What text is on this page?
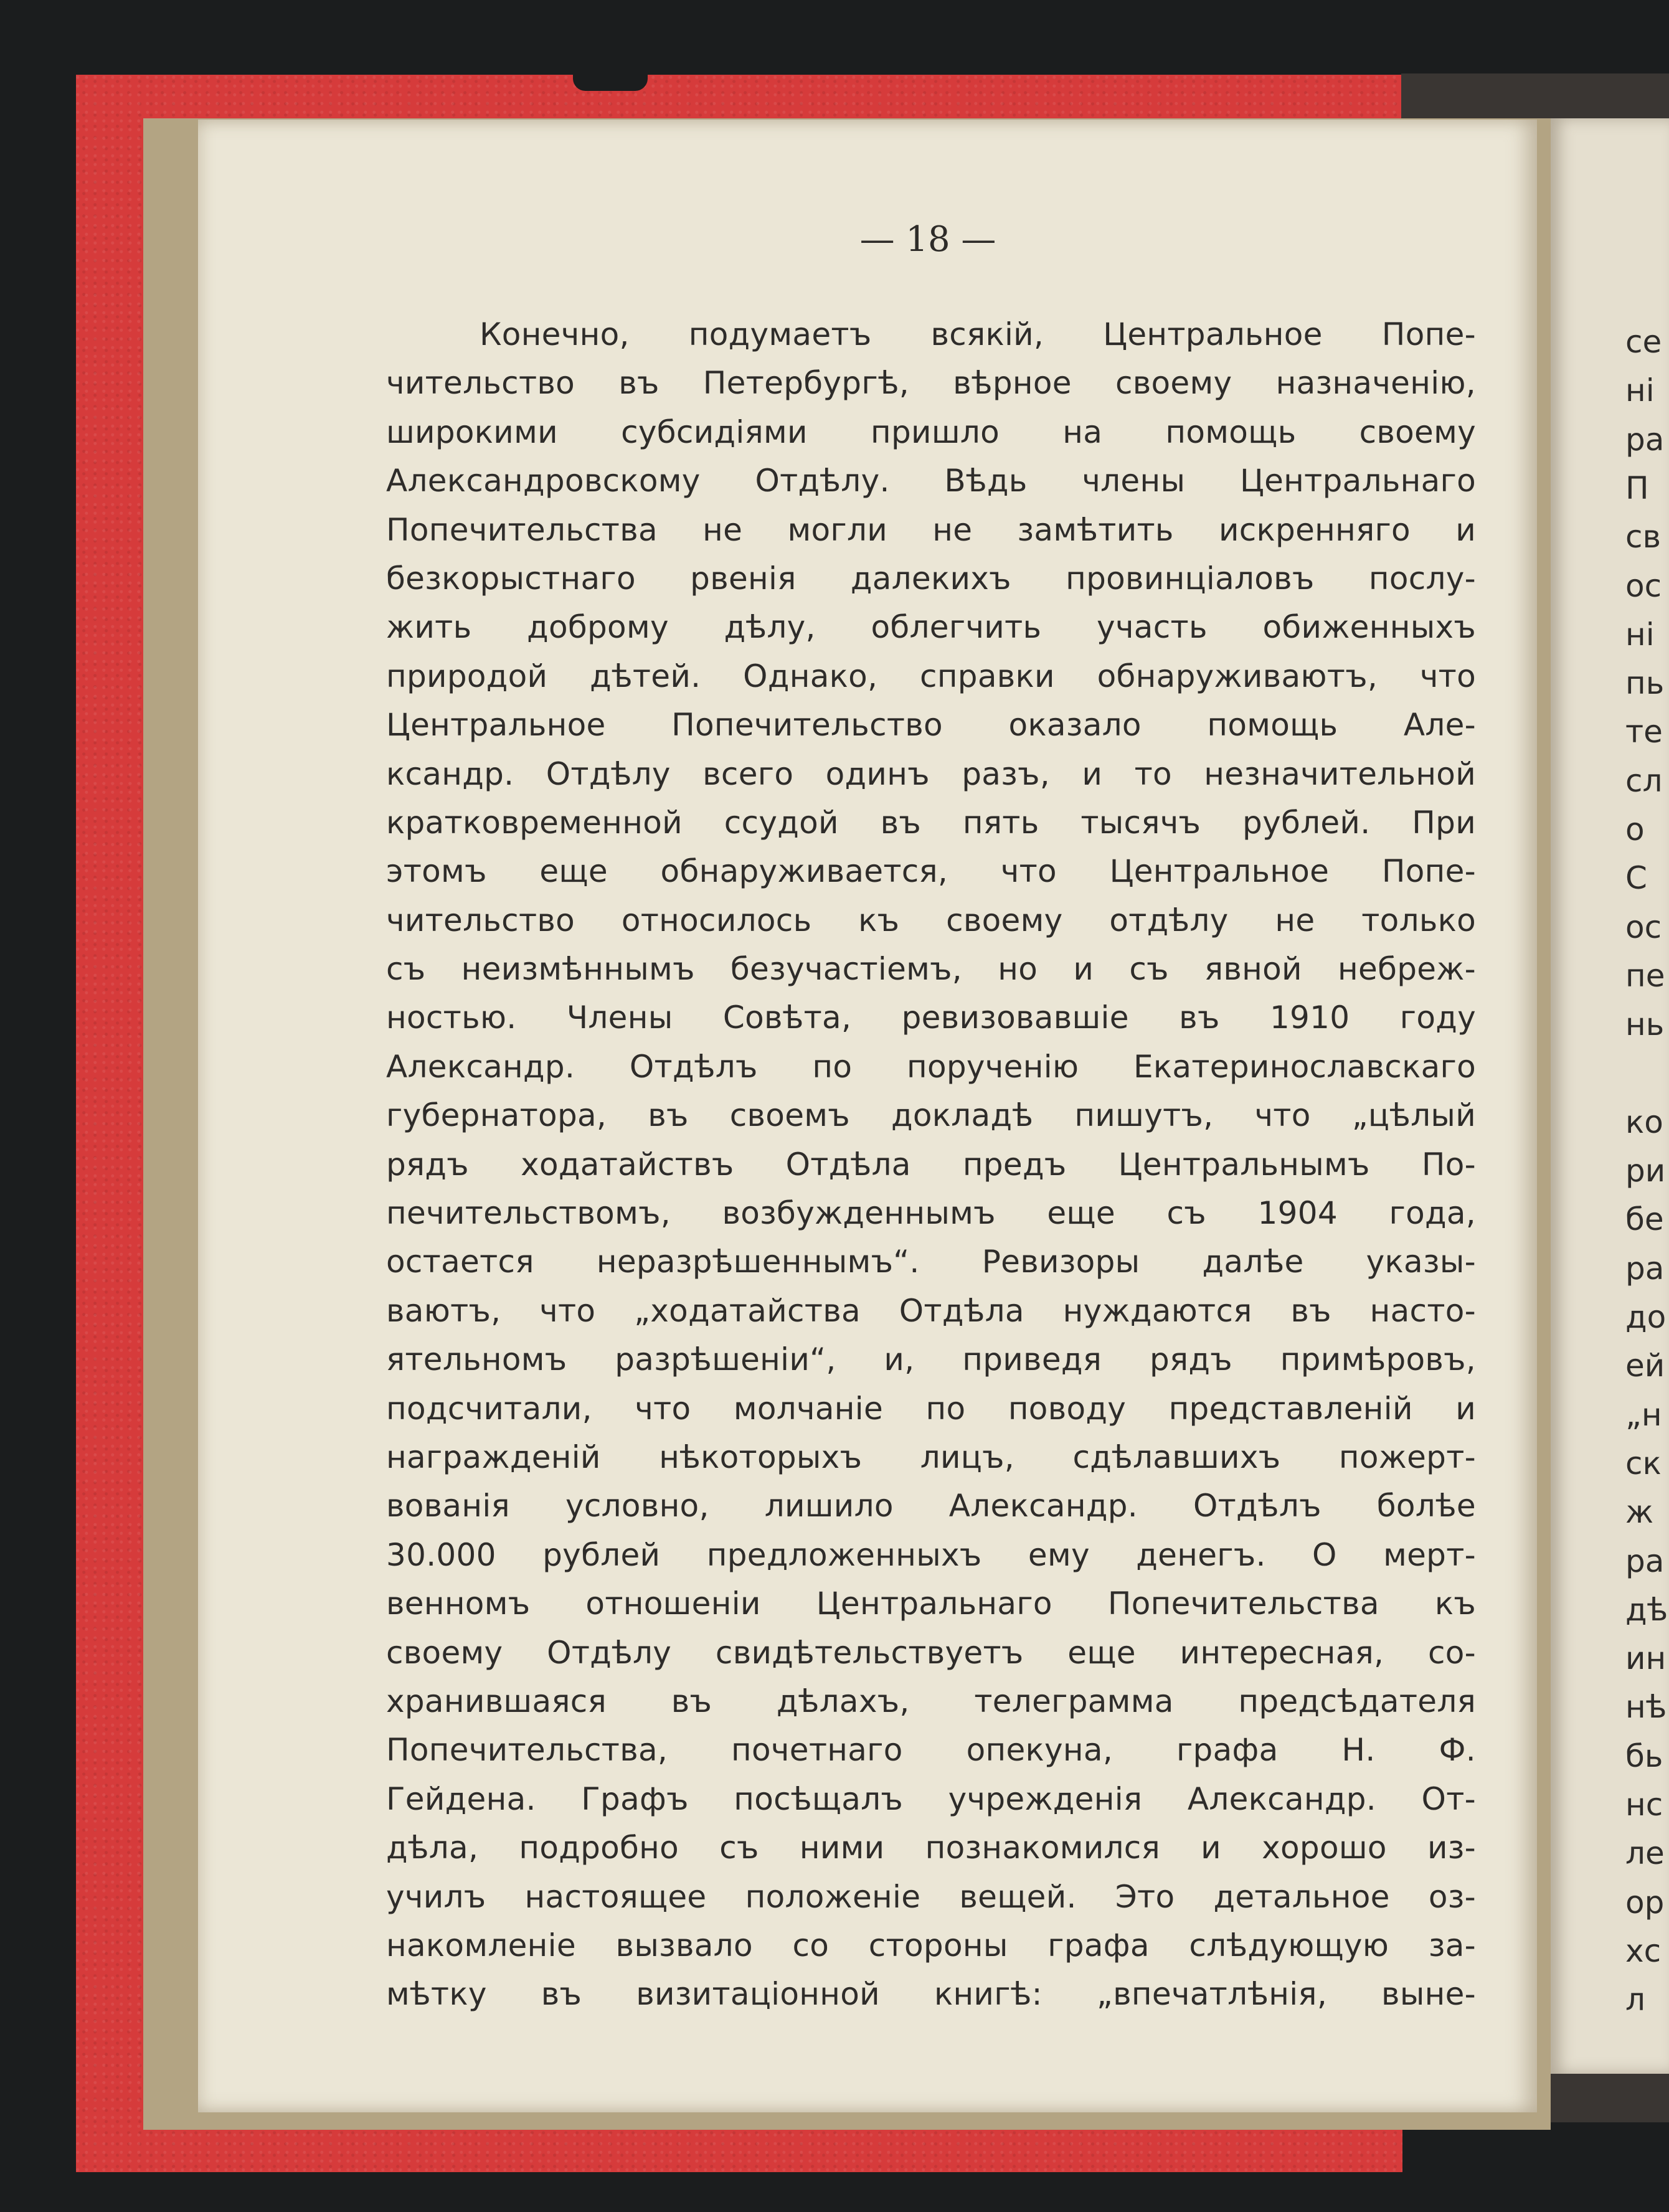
— 18 —
Конечно, подумаетъ всякій, Центральное Попе-
чительство въ Петербургѣ, вѣрное своему назначенію,
широкими субсидіями пришло на помощь своему
Александровскому Отдѣлу. Вѣдь члены Центральнаго
Попечительства не могли не замѣтить искренняго и
безкорыстнаго рвенія далекихъ провинціаловъ послу-
жить доброму дѣлу, облегчить участь обиженныхъ
природой дѣтей. Однако, справки обнаруживаютъ, что
Центральное Попечительство оказало помощь Але-
ксандр. Отдѣлу всего одинъ разъ, и то незначительной
кратковременной ссудой въ пять тысячъ рублей. При
этомъ еще обнаруживается, что Центральное Попе-
чительство относилось къ своему отдѣлу не только
съ неизмѣннымъ безучастіемъ, но и съ явной небреж-
ностью. Члены Совѣта, ревизовавшіе въ 1910 году
Александр. Отдѣлъ по порученію Екатеринославскаго
губернатора, въ своемъ докладѣ пишутъ, что „цѣлый
рядъ ходатайствъ Отдѣла предъ Центральнымъ По-
печительствомъ, возбужденнымъ еще съ 1904 года,
остается неразрѣшеннымъ“. Ревизоры далѣе указы-
ваютъ, что „ходатайства Отдѣла нуждаются въ насто-
ятельномъ разрѣшеніи“, и, приведя рядъ примѣровъ,
подсчитали, что молчаніе по поводу представленій и
награжденій нѣкоторыхъ лицъ, сдѣлавшихъ пожерт-
вованія условно, лишило Александр. Отдѣлъ болѣе
30.000 рублей предложенныхъ ему денегъ. О мерт-
венномъ отношеніи Центральнаго Попечительства къ
своему Отдѣлу свидѣтельствуетъ еще интересная, со-
хранившаяся въ дѣлахъ, телеграмма предсѣдателя
Попечительства, почетнаго опекуна, графа Н. Ф.
Гейдена. Графъ посѣщалъ учрежденія Александр. От-
дѣла, подробно съ ними познакомился и хорошо из-
училъ настоящее положеніе вещей. Это детальное оз-
накомленіе вызвало со стороны графа слѣдующую за-
мѣтку въ визитаціонной книгѣ: „впечатлѣнія, выне-
се
ні
ра
П
св
ос
ні
пь
те
сл
о
С
ос
пе
нь
ко
ри
бе
ра
до
ей
„н
ск
ж
ра
дѣ
ин
нѣ
бь
нс
ле
ор
хс
л
